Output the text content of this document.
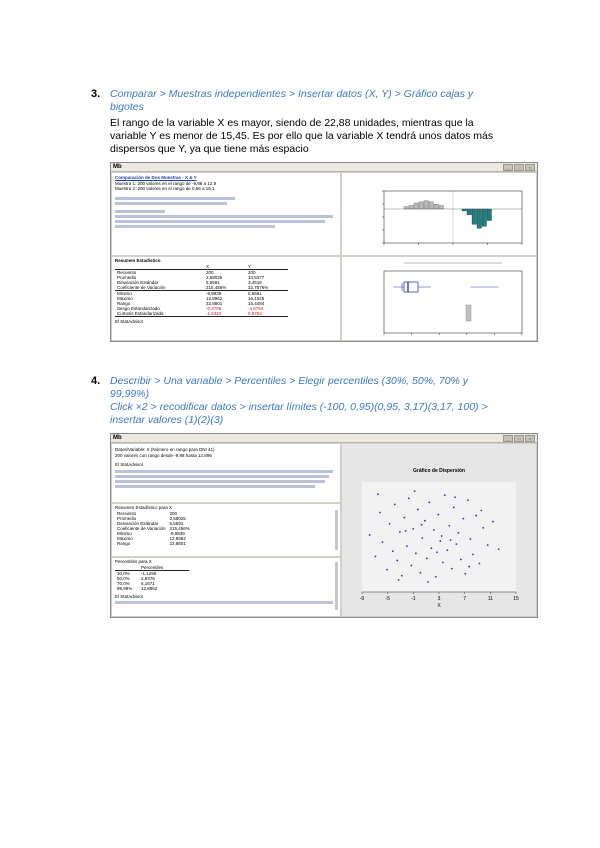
3. Comparar > Muestras independientes > Insertar datos (X, Y) > Gráfico cajas y
bigotes
El rango de la variable X es mayor, siendo de 22,88 unidades, mientras que la
variable Y es menor de 15,45. Es por ello que la variable X tendrá unos datos más
dispersos que Y, ya que tiene más espacio
Mb	_	□	×
Comparación de Dos Muestras - X & Y
Muestra 1: 200 valores en el rango de -9,98 a 12,9
Muestra 2: 200 valores en el rango de 0,66 a 16,1
Resumen Estadístico
	X	Y
Recuento	200	200
Promedio	2,58025	10,5377
Desviación Estándar	5,5591	3,4518
Coeficiente de Variación	215,456%	32,7576%
Mínimo	-9,9839	0,6561
Máximo	12,8962	16,1045
Rango	22,8801	15,4484
Sesgo Estandarizado	-0,4705	-4,6754
Curtosis Estandarizada	-1,6322	0,5753
El StatAdvisor
4. Describir > Una variable > Percentiles > Elegir percentiles (30%, 50%, 70% y
99,99%)
Click ×2 > recodificar datos > insertar límites (-100, 0,95)(0,95, 3,17)(3,17, 100) >
insertar valores (1)(2)(3)
Mb	_	□	×
Datos/Variable: X (Número en rango para DNI 41)
200 valores con rango desde -9,98 hasta 12,896
El StatAdvisor
Resumen Estadístico para X
Recuento	200
Promedio	2,58025
Desviación Estándar	5,5591
Coeficiente de Variación	215,456%
Mínimo	-9,9839
Máximo	12,8962
Rango	22,8801
Percentiles para X
	Percentiles
30,0%	-1,1295
50,0%	2,9375
70,0%	6,1671
99,99%	12,8962
El StatAdvisor
Gráfico de Dispersión
-9	-5	-1	3	7	11	15
X
